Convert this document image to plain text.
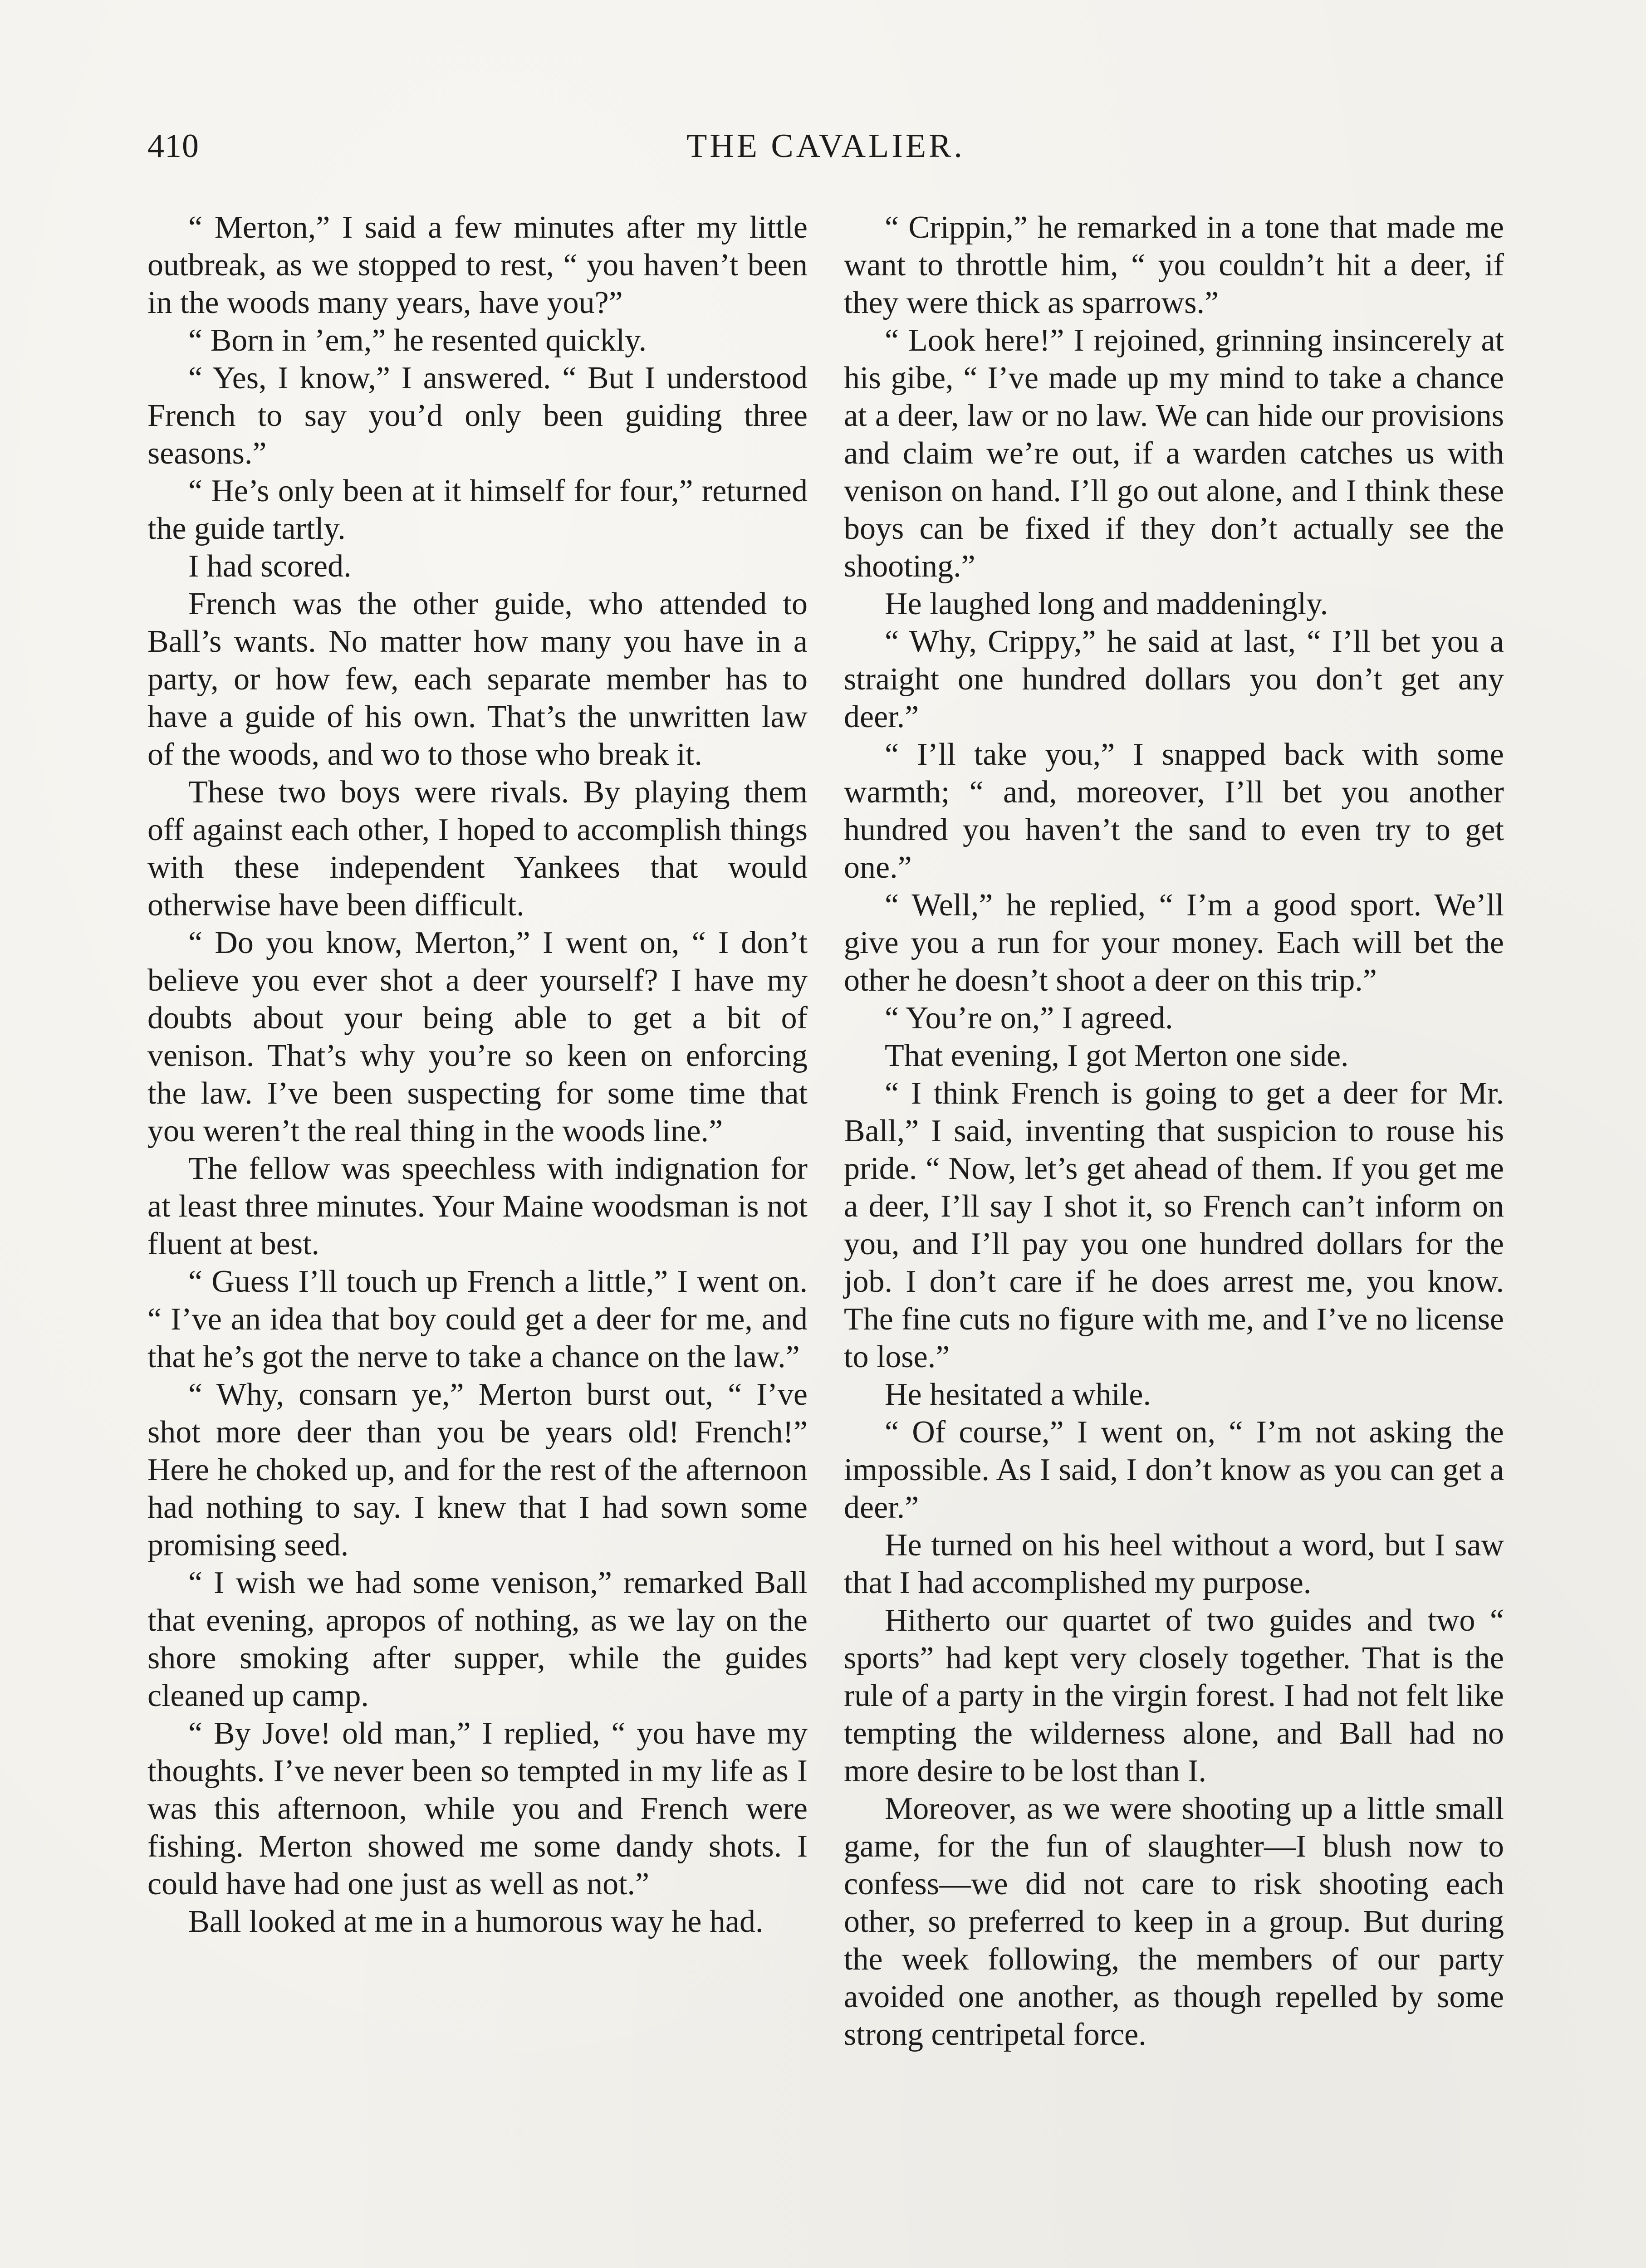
410	THE CAVALIER.

“ Merton,” I said a few minutes after my little outbreak, as we stopped to rest, “ you haven’t been in the woods many years, have you?”

“ Born in ’em,” he resented quickly.

“ Yes, I know,” I answered. “ But I understood French to say you’d only been guiding three seasons.”

“ He’s only been at it himself for four,” returned the guide tartly.

I had scored.

French was the other guide, who attended to Ball’s wants. No matter how many you have in a party, or how few, each separate member has to have a guide of his own. That’s the unwritten law of the woods, and wo to those who break it.

These two boys were rivals. By playing them off against each other, I hoped to accomplish things with these independent Yankees that would otherwise have been difficult.

“ Do you know, Merton,” I went on, “ I don’t believe you ever shot a deer yourself? I have my doubts about your being able to get a bit of venison. That’s why you’re so keen on enforcing the law. I’ve been suspecting for some time that you weren’t the real thing in the woods line.”

The fellow was speechless with indignation for at least three minutes. Your Maine woodsman is not fluent at best.

“ Guess I’ll touch up French a little,” I went on. “ I’ve an idea that boy could get a deer for me, and that he’s got the nerve to take a chance on the law.”

“ Why, consarn ye,” Merton burst out, “ I’ve shot more deer than you be years old! French!” Here he choked up, and for the rest of the afternoon had nothing to say. I knew that I had sown some promising seed.

“ I wish we had some venison,” remarked Ball that evening, apropos of nothing, as we lay on the shore smoking after supper, while the guides cleaned up camp.

“ By Jove! old man,” I replied, “ you have my thoughts. I’ve never been so tempted in my life as I was this afternoon, while you and French were fishing. Merton showed me some dandy shots. I could have had one just as well as not.”

Ball looked at me in a humorous way he had.

“ Crippin,” he remarked in a tone that made me want to throttle him, “ you couldn’t hit a deer, if they were thick as sparrows.”

“ Look here!” I rejoined, grinning insincerely at his gibe, “ I’ve made up my mind to take a chance at a deer, law or no law. We can hide our provisions and claim we’re out, if a warden catches us with venison on hand. I’ll go out alone, and I think these boys can be fixed if they don’t actually see the shooting.”

He laughed long and maddeningly.

“ Why, Crippy,” he said at last, “ I’ll bet you a straight one hundred dollars you don’t get any deer.”

“ I’ll take you,” I snapped back with some warmth; “ and, moreover, I’ll bet you another hundred you haven’t the sand to even try to get one.”

“ Well,” he replied, “ I’m a good sport. We’ll give you a run for your money. Each will bet the other he doesn’t shoot a deer on this trip.”

“ You’re on,” I agreed.

That evening, I got Merton one side.

“ I think French is going to get a deer for Mr. Ball,” I said, inventing that suspicion to rouse his pride. “ Now, let’s get ahead of them. If you get me a deer, I’ll say I shot it, so French can’t inform on you, and I’ll pay you one hundred dollars for the job. I don’t care if he does arrest me, you know. The fine cuts no figure with me, and I’ve no license to lose.”

He hesitated a while.

“ Of course,” I went on, “ I’m not asking the impossible. As I said, I don’t know as you can get a deer.”

He turned on his heel without a word, but I saw that I had accomplished my purpose.

Hitherto our quartet of two guides and two “ sports” had kept very closely together. That is the rule of a party in the virgin forest. I had not felt like tempting the wilderness alone, and Ball had no more desire to be lost than I.

Moreover, as we were shooting up a little small game, for the fun of slaughter—I blush now to confess—we did not care to risk shooting each other, so preferred to keep in a group. But during the week following, the members of our party avoided one another, as though repelled by some strong centripetal force.
